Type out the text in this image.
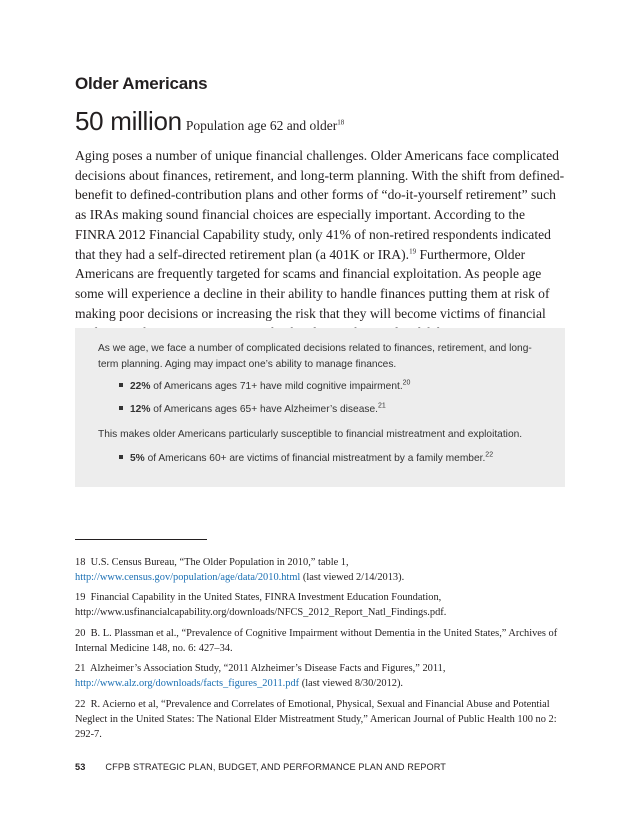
Older Americans
50 million Population age 62 and older$^{18}$
Aging poses a number of unique financial challenges. Older Americans face complicated decisions about finances, retirement, and long-term planning. With the shift from defined-benefit to defined-contribution plans and other forms of “do-it-yourself retirement” such as IRAs making sound financial choices are especially important. According to the FINRA 2012 Financial Capability study, only 41% of non-retired respondents indicated that they had a self-directed retirement plan (a 401K or IRA).$^{19}$ Furthermore, Older Americans are frequently targeted for scams and financial exploitation. As people age some will experience a decline in their ability to handle finances putting them at risk of making poor decisions or increasing the risk that they will become victims of financial
As we age, we face a number of complicated decisions related to finances, retirement, and long-term planning. Aging may impact one’s ability to manage finances.
22% of Americans ages 71+ have mild cognitive impairment.$^{20}$
12% of Americans ages 65+ have Alzheimer’s disease.$^{21}$
This makes older Americans particularly susceptible to financial mistreatment and exploitation.
5% of Americans 60+ are victims of financial mistreatment by a family member.$^{22}$
18 U.S. Census Bureau, “The Older Population in 2010,” table 1, http://www.census.gov/population/age/data/2010.html (last viewed 2/14/2013).
19 Financial Capability in the United States, FINRA Investment Education Foundation, http://www.usfinancialcapability.org/downloads/NFCS_2012_Report_Natl_Findings.pdf.
20 B. L. Plassman et al., “Prevalence of Cognitive Impairment without Dementia in the United States,” Archives of Internal Medicine 148, no. 6: 427–34.
21 Alzheimer’s Association Study, “2011 Alzheimer’s Disease Facts and Figures,” 2011, http://www.alz.org/downloads/facts_figures_2011.pdf (last viewed 8/30/2012).
22 R. Acierno et al, “Prevalence and Correlates of Emotional, Physical, Sexual and Financial Abuse and Potential Neglect in the United States: The National Elder Mistreatment Study,” American Journal of Public Health 100 no 2: 292-7.
53 CFPB STRATEGIC PLAN, BUDGET, AND PERFORMANCE PLAN AND REPORT
